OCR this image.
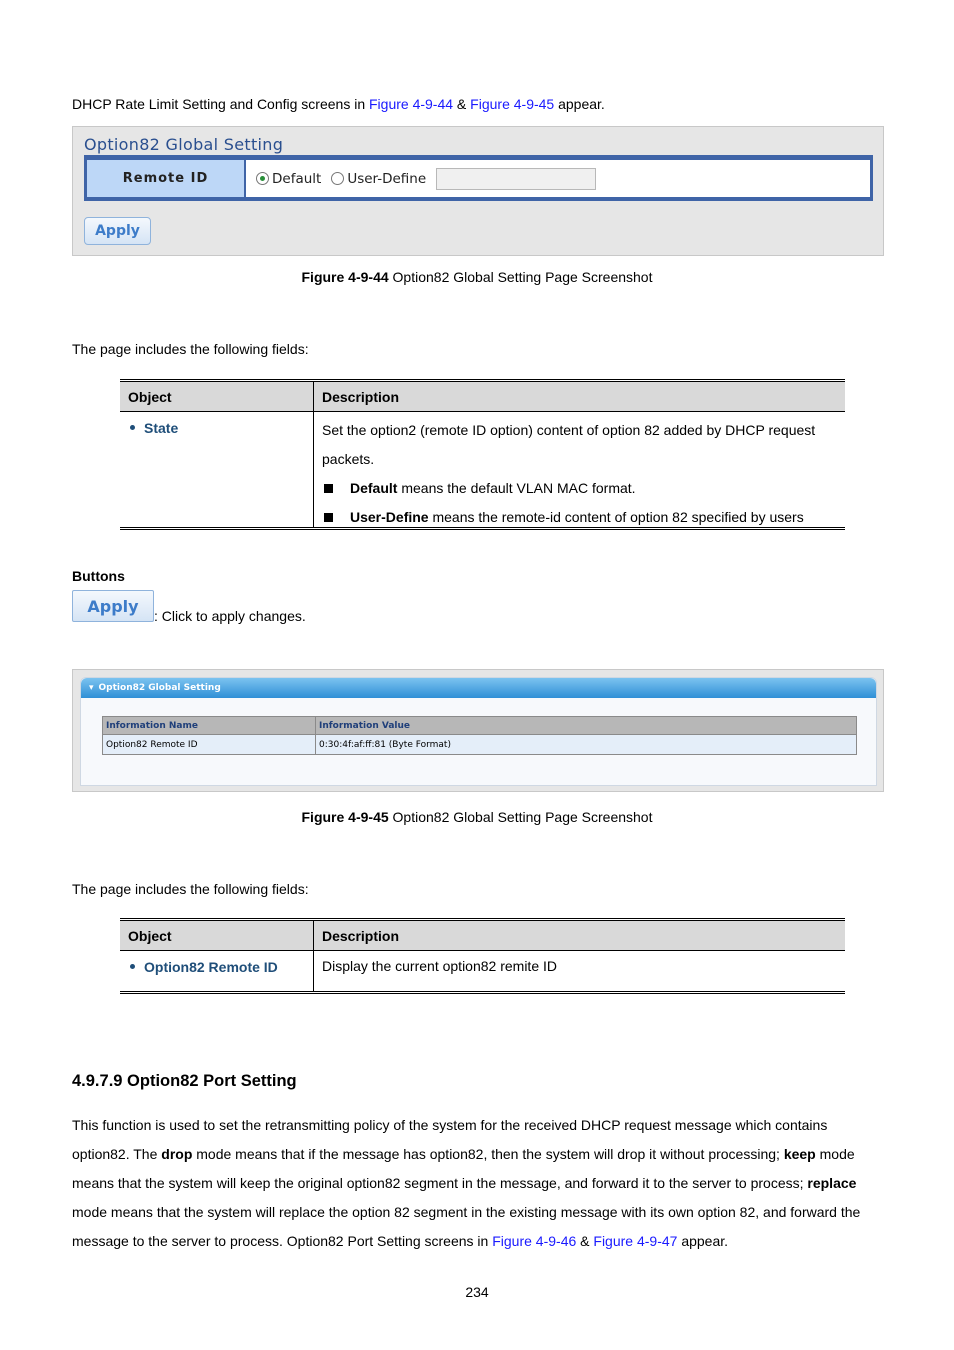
DHCP Rate Limit Setting and Config screens in Figure 4-9-44 & Figure 4-9-45 appear.
Option82 Global Setting
Remote ID	Default User-Define
Apply
Figure 4-9-44 Option82 Global Setting Page Screenshot
The page includes the following fields:
Object	Description
State	Set the option2 (remote ID option) content of option 82 added by DHCP request packets.
Default means the default VLAN MAC format.
User-Define means the remote-id content of option 82 specified by users
Buttons
Apply
: Click to apply changes.
▾ Option82 Global Setting
Information Name	Information Value
Option82 Remote ID	0:30:4f:af:ff:81 (Byte Format)
Figure 4-9-45 Option82 Global Setting Page Screenshot
The page includes the following fields:
Object	Description
Option82 Remote ID	Display the current option82 remite ID
4.9.7.9 Option82 Port Setting
This function is used to set the retransmitting policy of the system for the received DHCP request message which contains option82. The drop mode means that if the message has option82, then the system will drop it without processing; keep mode means that the system will keep the original option82 segment in the message, and forward it to the server to process; replace mode means that the system will replace the option 82 segment in the existing message with its own option 82, and forward the message to the server to process. Option82 Port Setting screens in Figure 4-9-46 & Figure 4-9-47 appear.
234
